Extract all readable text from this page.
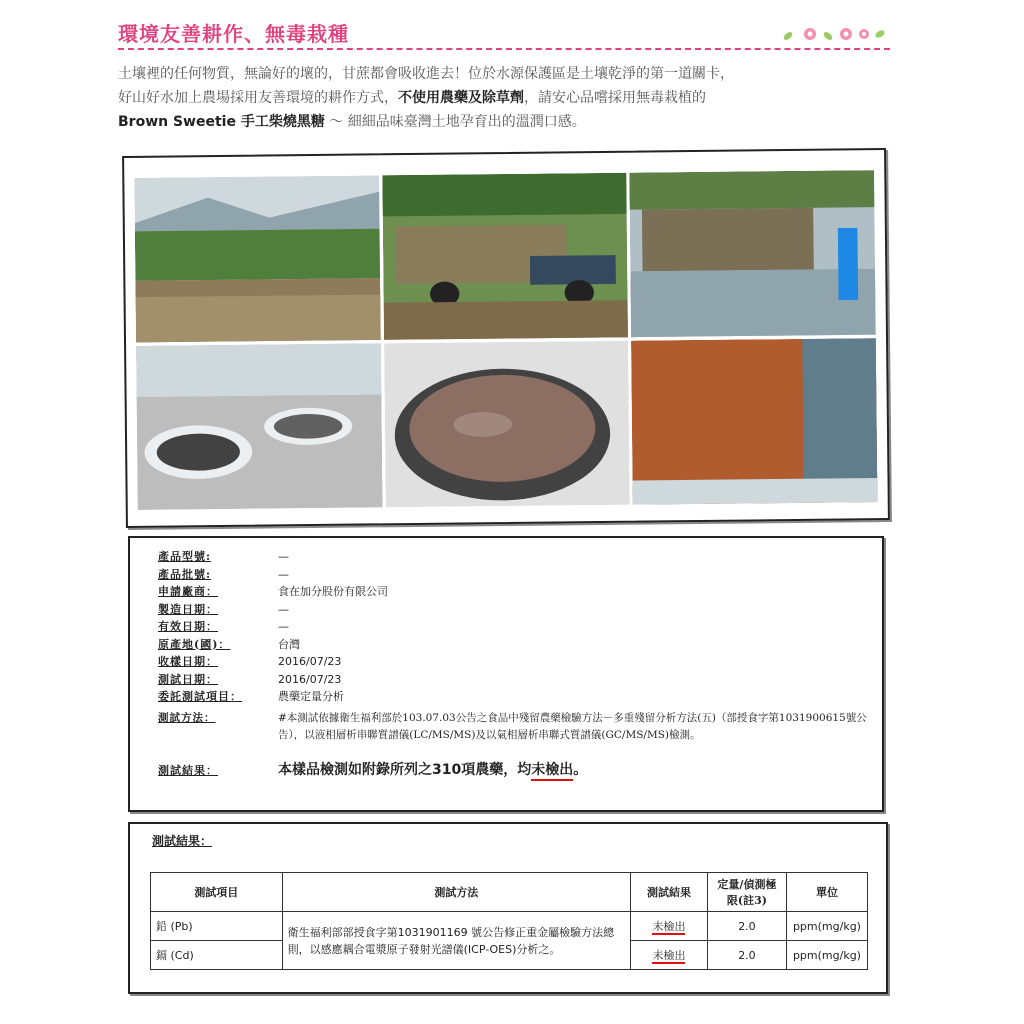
環境友善耕作、無毒栽種
土壤裡的任何物質，無論好的壞的，甘蔗都會吸收進去！位於水源保護區是土壤乾淨的第一道關卡，
好山好水加上農場採用友善環境的耕作方式，不使用農藥及除草劑，請安心品嚐採用無毒栽植的
Brown Sweetie 手工柴燒黑糖 ～ 細細品味臺灣土地孕育出的溫潤口感。
產品型號:	—
產品批號:	—
申請廠商：	食在加分股份有限公司
製造日期：	—
有效日期：	—
原產地(國)：	台灣
收樣日期：	2016/07/23
測試日期：	2016/07/23
委託測試項目：	農藥定量分析
測試方法：	#本測試依據衛生福利部於103.07.03公告之食品中殘留農藥檢驗方法－多重殘留分析方法(五)（部授食字第1031900615號公告），以液相層析串聯質譜儀(LC/MS/MS)及以氣相層析串聯式質譜儀(GC/MS/MS)檢測。
測試結果：	本樣品檢測如附錄所列之310項農藥，均未檢出。
測試結果：
測試項目	測試方法	測試結果	定量/偵測極限(註3)	單位
鉛 (Pb)	衛生福利部部授食字第1031901169 號公告修正重金屬檢驗方法總則，以感應耦合電漿原子發射光譜儀(ICP-OES)分析之。	未檢出	2.0	ppm(mg/kg)
鎘 (Cd)		未檢出	2.0	ppm(mg/kg)
